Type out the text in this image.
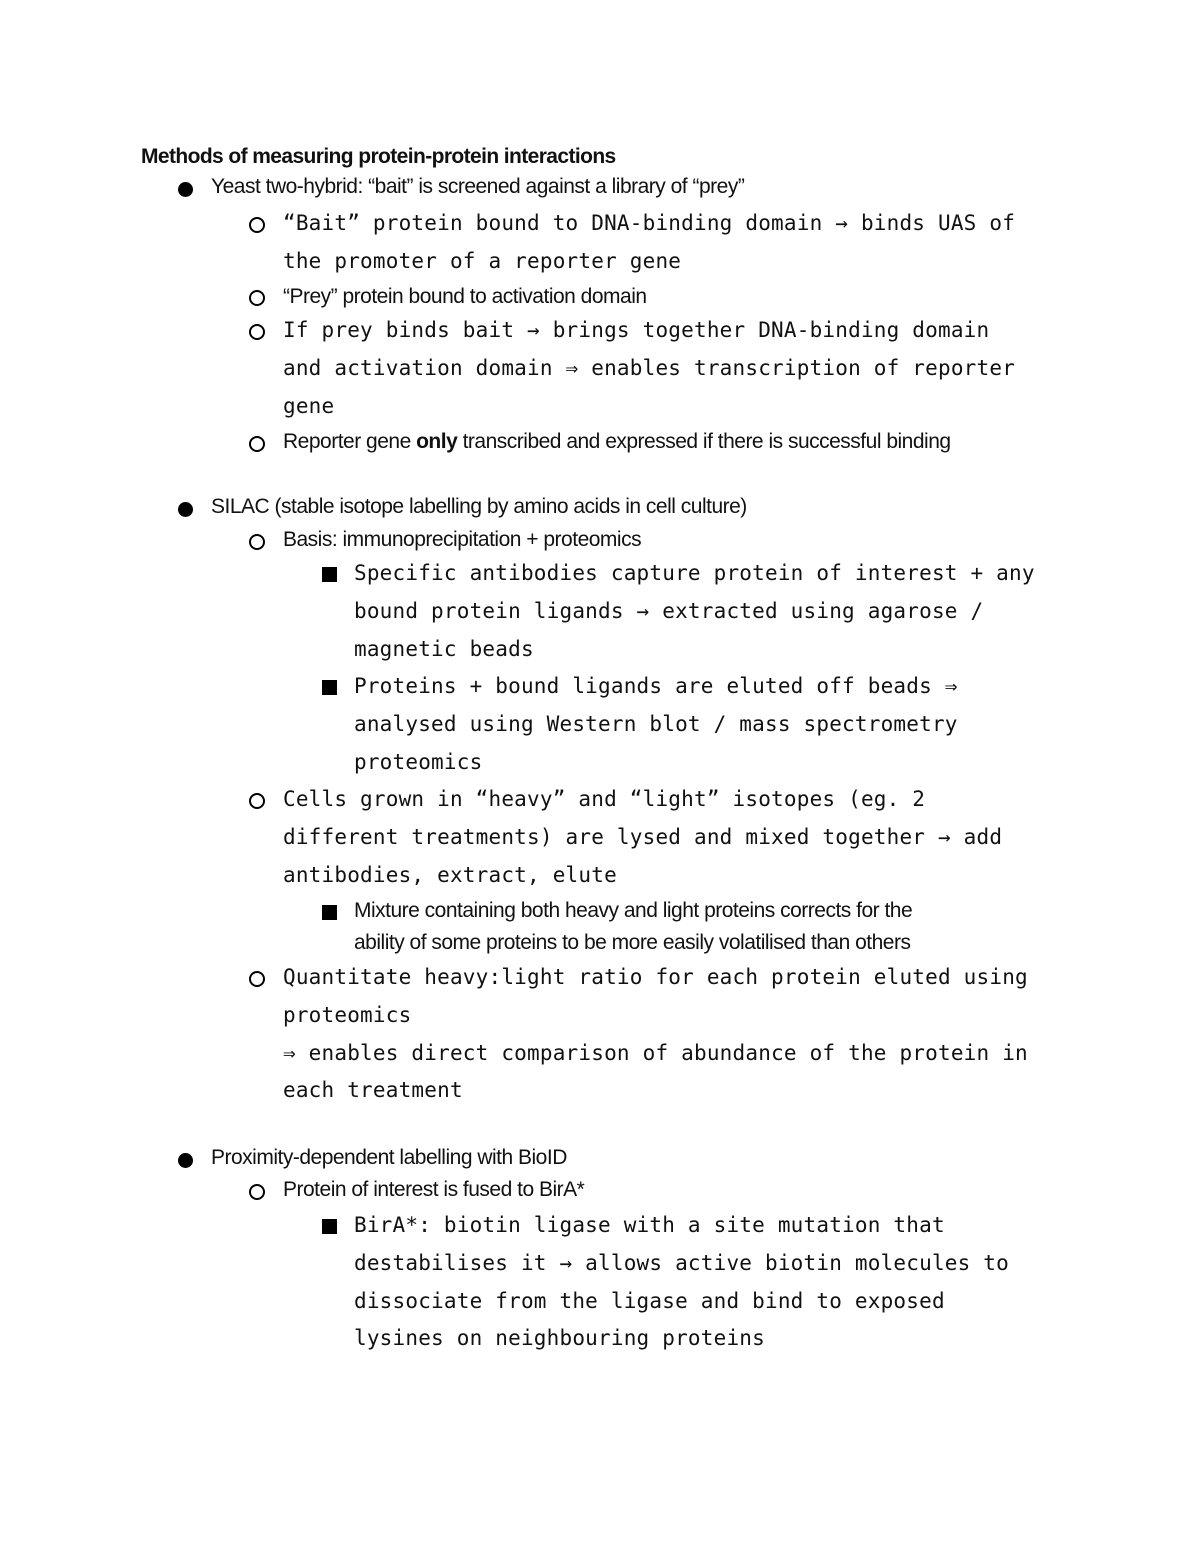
Methods of measuring protein-protein interactions
Yeast two-hybrid: “bait” is screened against a library of “prey”
“Bait” protein bound to DNA-binding domain → binds UAS of
the promoter of a reporter gene
“Prey” protein bound to activation domain
If prey binds bait → brings together DNA-binding domain
and activation domain ⇒ enables transcription of reporter
gene
Reporter gene only transcribed and expressed if there is successful binding
SILAC (stable isotope labelling by amino acids in cell culture)
Basis: immunoprecipitation + proteomics
Specific antibodies capture protein of interest + any
bound protein ligands → extracted using agarose /
magnetic beads
Proteins + bound ligands are eluted off beads ⇒
analysed using Western blot / mass spectrometry
proteomics
Cells grown in “heavy” and “light” isotopes (eg. 2
different treatments) are lysed and mixed together → add
antibodies, extract, elute
Mixture containing both heavy and light proteins corrects for the
ability of some proteins to be more easily volatilised than others
Quantitate heavy:light ratio for each protein eluted using
proteomics
⇒ enables direct comparison of abundance of the protein in
each treatment
Proximity-dependent labelling with BioID
Protein of interest is fused to BirA*
BirA*: biotin ligase with a site mutation that
destabilises it → allows active biotin molecules to
dissociate from the ligase and bind to exposed
lysines on neighbouring proteins
